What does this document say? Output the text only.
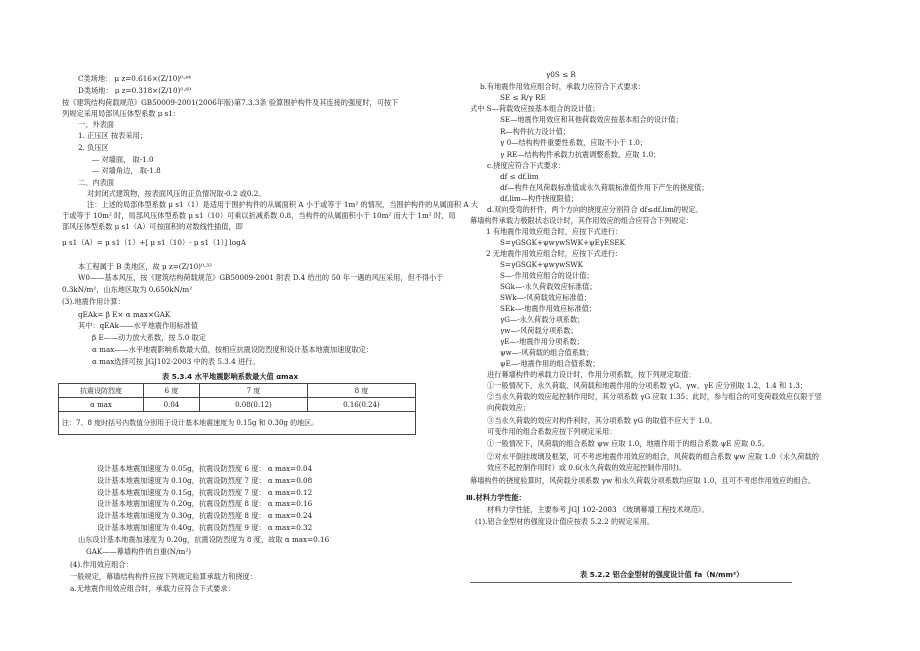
表 5.3.4 水平地震影响系数最大值 αmax
抗震设防烈度	6 度	7 度	8 度
α max	0.04	0.08(0.12)	0.16(0.24)
注：7、8 度时括号内数值分别用于设计基本地震速度为 0.15g 和 0.30g 的地区。			
C类场地： μ z=0.616×(Z/10)⁰·⁴⁴
D类场地： μ z=0.318×(Z/10)⁰·⁶⁰
按《建筑结构荷载规范》GB50009-2001(2006年版)第7.3.3条 验算围护构件及其连接的强度时，可按下
列规定采用局部风压体型系数 μ s1：
一、外表面
1. 正压区 按表采用；
2. 负压区
— 对墙面， 取-1.0
— 对墙角边， 取-1.8
二、内表面
对封闭式建筑物，按表面风压的正负情况取-0.2 或0.2。
注：上述的局部体型系数 μ s1（1）是适用于围护构件的从属面积 A 小于或等于 1m² 的情况，当围护构件的从属面积 A 大
于或等于 10m² 时，局部风压体型系数 μ s1（10）可乘以折减系数 0.8，当构件的从属面积小于 10m² 而大于 1m² 时，局
部风压体型系数 μ s1（A）可按面积的对数线性插值，即
μ s1（A）= μ s1（1）+[ μ s1（10）- μ s1（1）] logA
本工程属于 B 类地区，故 μ z=(Z/10)⁰·³²
W0——基本风压，按《建筑结构荷载规范》GB50009-2001 附表 D.4 给出的 50 年一遇的风压采用，但不得小于
0.3kN/m²，山东地区取为 0.650kN/m²
(3).地震作用计算：
qEAk= β E× α max×GAK
其中：qEAk——水平地震作用标准值
β E——动力放大系数，按 5.0 取定
α max——水平地震影响系数最大值，按相应抗震设防烈度和设计基本地震加速度取定：
α max选择可按 JGJ102-2003 中的表 5.3.4 进行。
设计基本地震加速度为 0.05g，抗震设防烈度 6 度： α max=0.04
设计基本地震加速度为 0.10g，抗震设防烈度 7 度： α max=0.08
设计基本地震加速度为 0.15g，抗震设防烈度 7 度： α max=0.12
设计基本地震加速度为 0.20g，抗震设防烈度 8 度： α max=0.16
设计基本地震加速度为 0.30g，抗震设防烈度 8 度： α max=0.24
设计基本地震加速度为 0.40g，抗震设防烈度 9 度： α max=0.32
山东设计基本地震加速度为 0.20g，抗震设防烈度为 8 度，故取 α max=0.16
GAK——幕墙构件的自重(N/m²)
(4).作用效应组合：
一般规定，幕墙结构构件应按下列规定验算承载力和挠度：
a.无地震作用效应组合时，承载力应符合下式要求：
γ0S ≤ R
b.有地震作用效应组合时，承载力应符合下式要求：
SE ≤ R/γ RE
式中 S—荷载效应按基本组合的设计值；
SE—地震作用效应和其他荷载效应按基本组合的设计值；
R—构件抗力设计值；
γ 0—结构构件重要性系数，应取不小于 1.0；
γ RE—结构构件承载力抗震调整系数，应取 1.0；
c.挠度应符合下式要求：
df ≤ df,lim
df—构件在风荷载标准值或永久荷载标准值作用下产生的挠度值；
df,lim—构件挠度限值；
d.双向受弯的杆件，两个方向的挠度应分别符合 df≤df,lim的规定。
幕墙构件承载力极限状态设计时，其作用效应的组合应符合下列规定：
1 有地震作用效应组合时，应按下式进行：
S=γGSGK+ψwγwSWK+ψEγESEK
2 无地震作用效应组合时，应按下式进行：
S=γGSGK+ψwγwSWK
S—-作用效应组合的设计值；
SGk—-永久荷载效应标准值；
SWk—-风荷载效应标准值；
SEk—-地震作用效应标准值；
γG—-永久荷载分项系数；
γw—-风荷载分项系数；
γE—-地震作用分项系数；
ψw—-风荷载的组合值系数；
ψE—-地震作用的组合值系数；
进行幕墙构件的承载力设计时，作用分项系数，按下列规定取值：
①一般情况下，永久荷载、风荷载和地震作用的分项系数 γG、γw、γE 应分别取 1.2、1.4 和 1.3；
②当永久荷载的效应起控制作用时，其分项系数 γG 应取 1.35；此时，参与组合的可变荷载效应仅限于竖
向荷载效应；
③当永久荷载的效应对构件利时，其分项系数 γG 的取值不应大于 1.0。
可变作用的组合系数应按下列规定采用：
①一般情况下，风荷载的组合系数 ψw 应取 1.0，地震作用于的组合系数 ψE 应取 0.5。
②对水平倒挂玻璃及框架，可不考虑地震作用效应的组合，风荷载的组合系数 ψw 应取 1.0（永久荷载的
效应不起控制作用时）或 0.6(永久荷载的效应起控制作用时)。
幕墙构件的挠度验算时，风荷载分项系数 γw 和永久荷载分项系数均应取 1.0，且可不考虑作用效应的组合。
Ⅲ.材料力学性能：
材料力学性能，主要参考 JGJ 102-2003 《玻璃幕墙工程技术规范》。
(1).铝合金型材的强度设计值应按表 5.2.2 的规定采用。
表 5.2.2 铝合金型材的强度设计值 fa（N/mm²）
